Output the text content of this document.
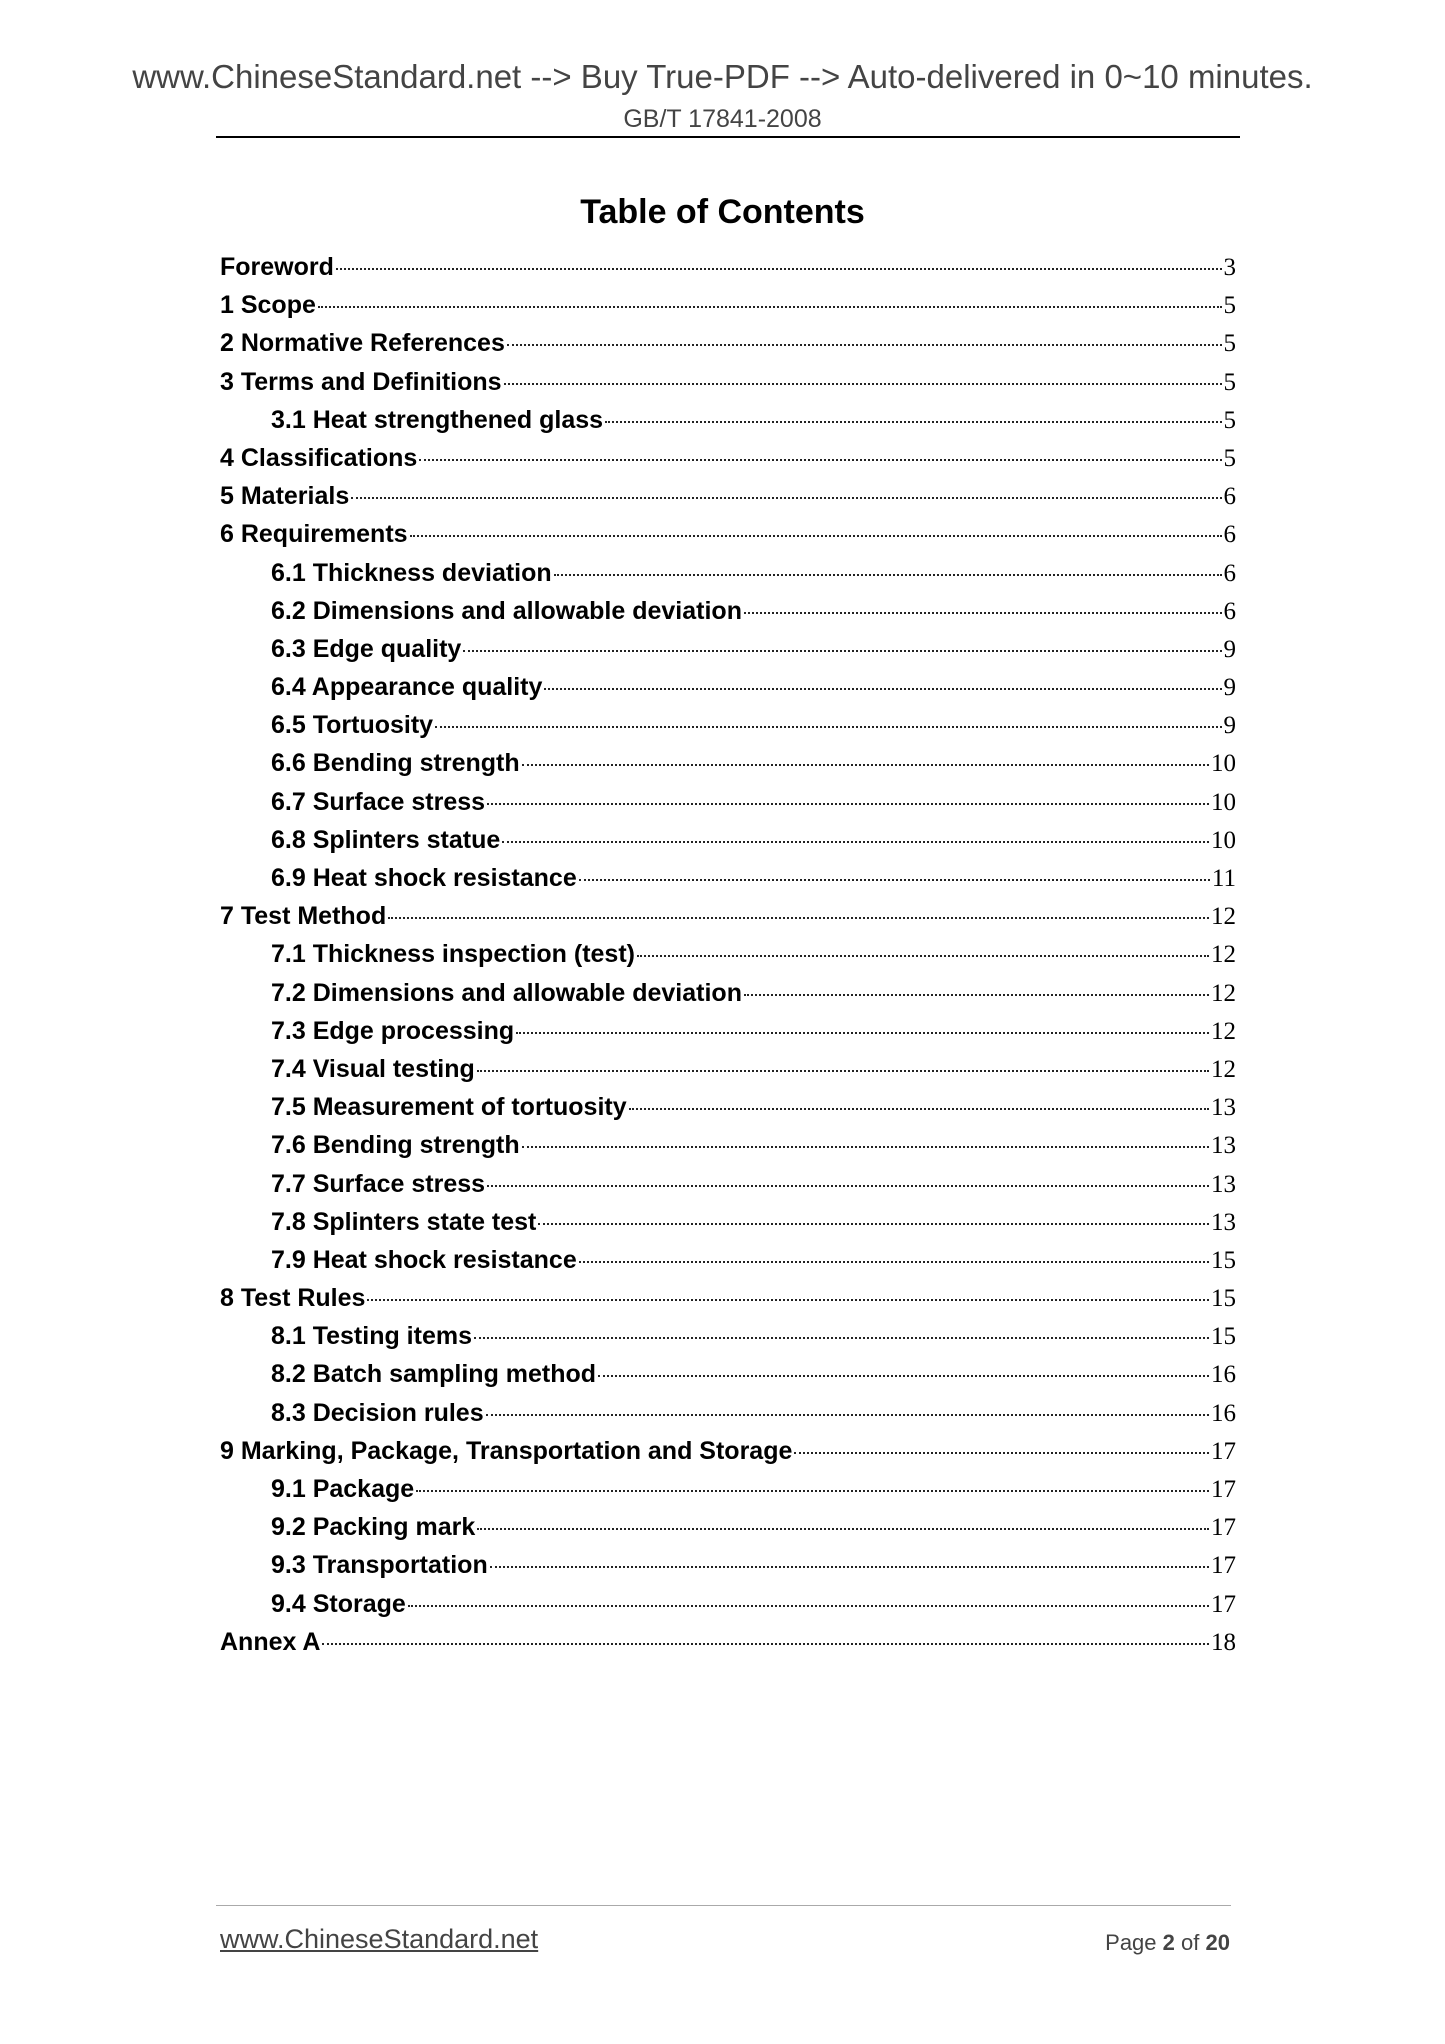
www.ChineseStandard.net --> Buy True-PDF --> Auto-delivered in 0~10 minutes.
GB/T 17841-2008
Table of Contents
Foreword	3
1 Scope	5
2 Normative References	5
3 Terms and Definitions	5
3.1 Heat strengthened glass	5
4 Classifications	5
5 Materials	6
6 Requirements	6
6.1 Thickness deviation	6
6.2 Dimensions and allowable deviation	6
6.3 Edge quality	9
6.4 Appearance quality	9
6.5 Tortuosity	9
6.6 Bending strength	10
6.7 Surface stress	10
6.8 Splinters statue	10
6.9 Heat shock resistance	11
7 Test Method	12
7.1 Thickness inspection (test)	12
7.2 Dimensions and allowable deviation	12
7.3 Edge processing	12
7.4 Visual testing	12
7.5 Measurement of tortuosity	13
7.6 Bending strength	13
7.7 Surface stress	13
7.8 Splinters state test	13
7.9 Heat shock resistance	15
8 Test Rules	15
8.1 Testing items	15
8.2 Batch sampling method	16
8.3 Decision rules	16
9 Marking, Package, Transportation and Storage	17
9.1 Package	17
9.2 Packing mark	17
9.3 Transportation	17
9.4 Storage	17
Annex A	18
www.ChineseStandard.net	Page 2 of 20
